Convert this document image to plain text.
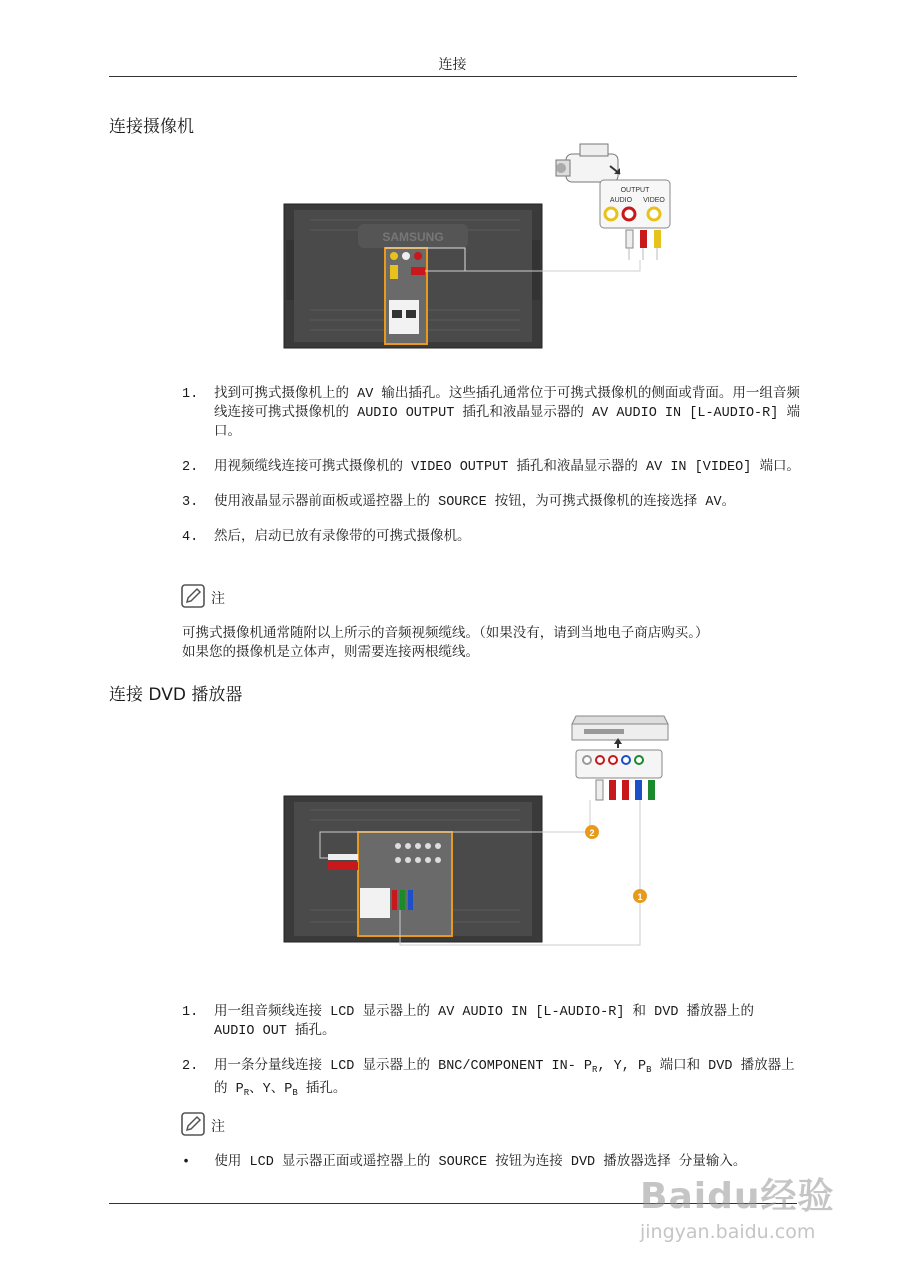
连接
连接摄像机
SAMSUNG
OUTPUT
AUDIO VIDEO
1. 找到可携式摄像机上的 AV 输出插孔。这些插孔通常位于可携式摄像机的侧面或背面。用一组音频线连接可携式摄像机的 AUDIO OUTPUT 插孔和液晶显示器的 AV AUDIO IN [L-AUDIO-R] 端口。
2. 用视频缆线连接可携式摄像机的 VIDEO OUTPUT 插孔和液晶显示器的 AV IN [VIDEO] 端口。
3. 使用液晶显示器前面板或遥控器上的 SOURCE 按钮，为可携式摄像机的连接选择 AV。
4. 然后，启动已放有录像带的可携式摄像机。
注

可携式摄像机通常随附以上所示的音频视频缆线。（如果没有，请到当地电子商店购买。）

如果您的摄像机是立体声，则需要连接两根缆线。

连接 DVD 播放器
2
1
1. 用一组音频线连接 LCD 显示器上的 AV AUDIO IN [L-AUDIO-R] 和 DVD 播放器上的 AUDIO OUT 插孔。
2. 用一条分量线连接 LCD 显示器上的 BNC/COMPONENT IN- $P_R$, Y, $P_B$ 端口和 DVD 播放器上的 $P_R$、Y、$P_B$ 插孔。
注
• 使用 LCD 显示器正面或遥控器上的 SOURCE 按钮为连接 DVD 播放器选择 分量输入。
Baidu经验
jingyan.baidu.com
